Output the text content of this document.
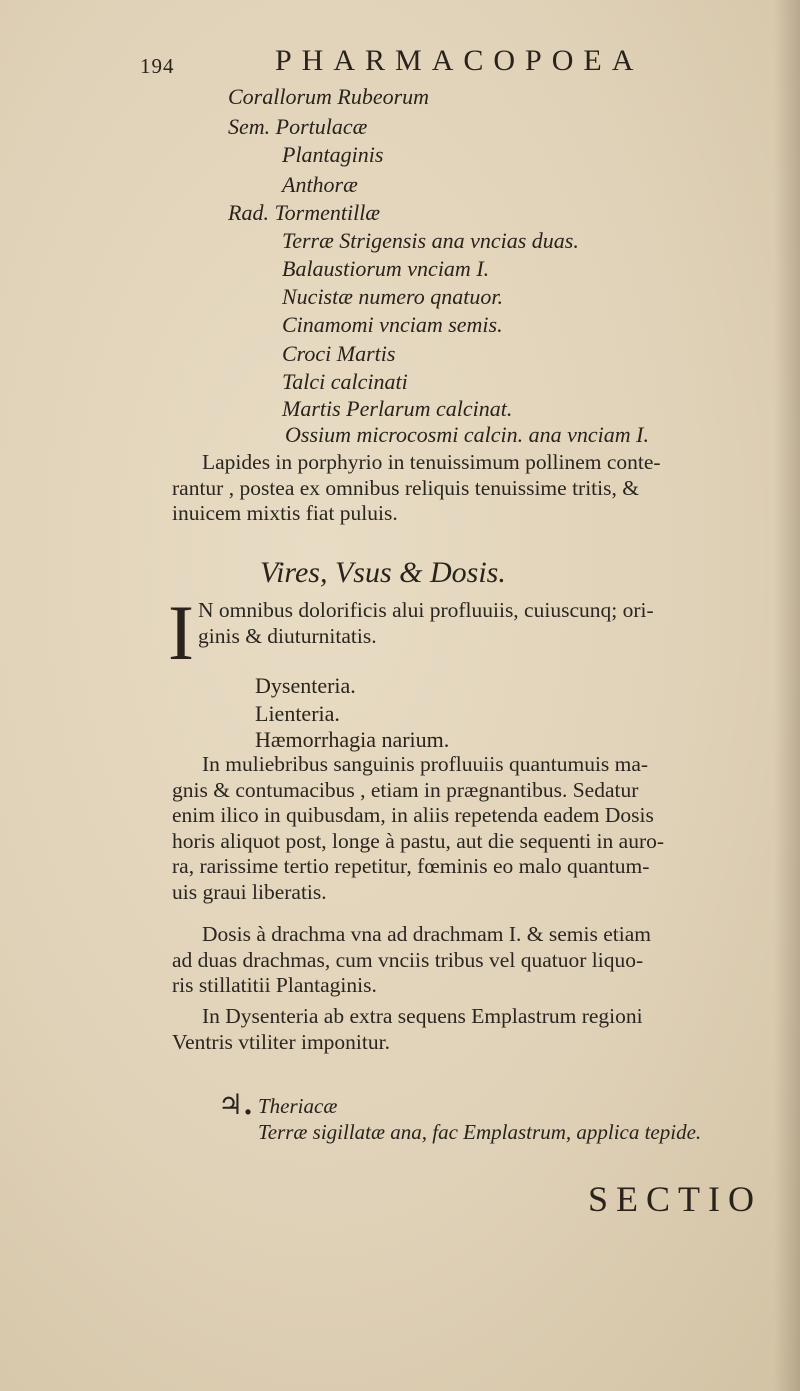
194	PHARMACOPOEA
Corallorum Rubeorum
Sem. Portulacæ
Plantaginis
Anthoræ
Rad. Tormentillæ
Terræ Strigensis ana vncias duas.
Balaustiorum vnciam I.
Nucistæ numero qnatuor.
Cinamomi vnciam semis.
Croci Martis
Talci calcinati
Martis Perlarum calcinat.
Ossium microcosmi calcin. ana vnciam I.
Lapides in porphyrio in tenuissimum pollinem conte-
rantur , postea ex omnibus reliquis tenuissime tritis, &
inuicem mixtis fiat puluis.
Vires, Vsus & Dosis.
I N omnibus dolorificis alui profluuiis, cuiuscunq; ori-
ginis & diuturnitatis.
Dysenteria.
Lienteria.
Hæmorrhagia narium.
In muliebribus sanguinis profluuiis quantumuis ma-
gnis & contumacibus , etiam in prægnantibus. Sedatur
enim ilico in quibusdam, in aliis repetenda eadem Dosis
horis aliquot post, longe à pastu, aut die sequenti in auro-
ra, rarissime tertio repetitur, fœminis eo malo quantum-
uis graui liberatis.
Dosis à drachma vna ad drachmam I. & semis etiam
ad duas drachmas, cum vnciis tribus vel quatuor liquo-
ris stillatitii Plantaginis.
In Dysenteria ab extra sequens Emplastrum regioni
Ventris vtiliter imponitur.
♃. Theriacæ
Terræ sigillatæ ana, fac Emplastrum, applica tepide.
SECTIO
